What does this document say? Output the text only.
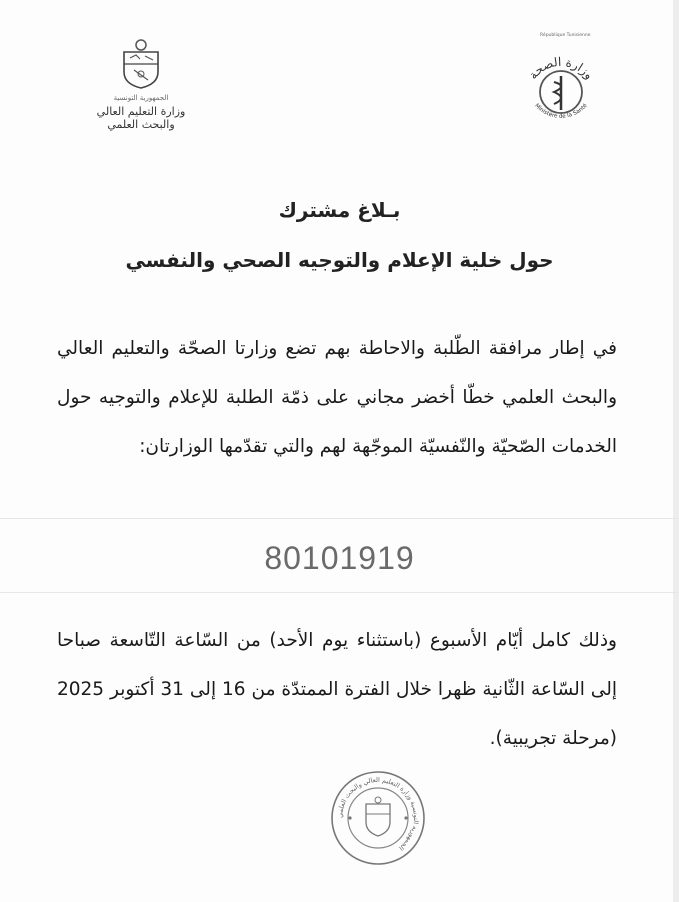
الجمهورية التونسية
وزارة التعليم العالي
والبحث العلمي
République Tunisienne
وزارة الصحة
Ministère de la Santé
بـلاغ مشترك
حول خلية الإعلام والتوجيه الصحي والنفسي
في إطار مرافقة الطّلبة والاحاطة بهم تضع وزارتا الصحّة والتعليم العالي والبحث العلمي خطّا أخضر مجاني على ذمّة الطلبة للإعلام والتوجيه حول الخدمات الصّحيّة والنّفسيّة الموجّهة لهم والتي تقدّمها الوزارتان:
80101919
وذلك كامل أيّام الأسبوع (باستثناء يوم الأحد) من السّاعة التّاسعة صباحا إلى السّاعة الثّانية ظهرا خلال الفترة الممتدّة من 16 إلى 31 أكتوبر 2025 (مرحلة تجريبية).
الجمهورية التونسية وزارة التعليم العالي والبحث العلمي
